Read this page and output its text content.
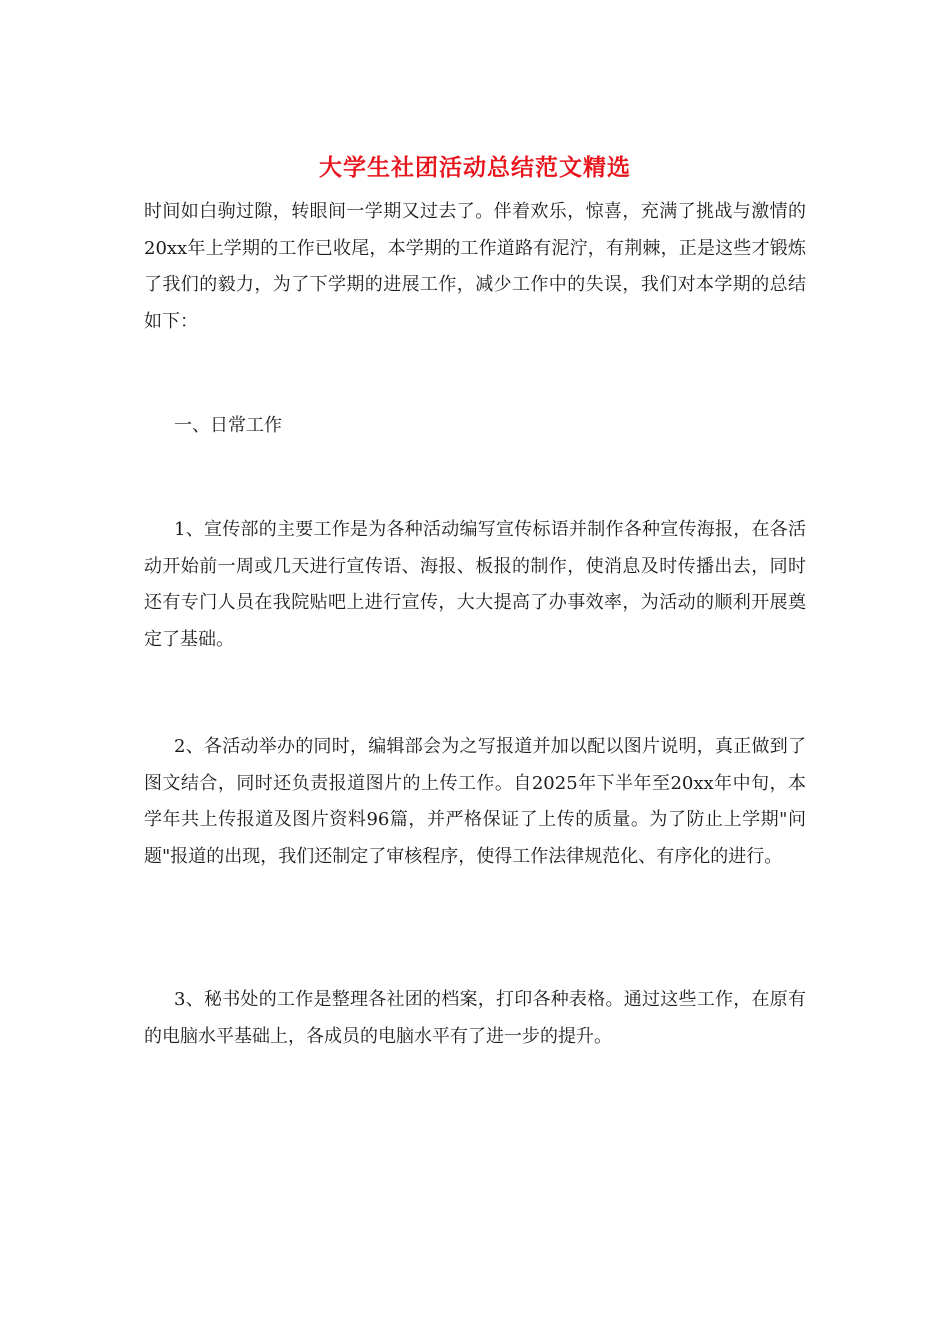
大学生社团活动总结范文精选

时间如白驹过隙，转眼间一学期又过去了。伴着欢乐，惊喜，充满了挑战与激情的20xx年上学期的工作已收尾，本学期的工作道路有泥泞，有荆棘，正是这些才锻炼了我们的毅力，为了下学期的进展工作，减少工作中的失误，我们对本学期的总结如下：

一、日常工作

1、宣传部的主要工作是为各种活动编写宣传标语并制作各种宣传海报，在各活动开始前一周或几天进行宣传语、海报、板报的制作，使消息及时传播出去，同时还有专门人员在我院贴吧上进行宣传，大大提高了办事效率，为活动的顺利开展奠定了基础。

2、各活动举办的同时，编辑部会为之写报道并加以配以图片说明，真正做到了图文结合，同时还负责报道图片的上传工作。自2025年下半年至20xx年中旬，本学年共上传报道及图片资料96篇，并严格保证了上传的质量。为了防止上学期"问题"报道的出现，我们还制定了审核程序，使得工作法律规范化、有序化的进行。

3、秘书处的工作是整理各社团的档案，打印各种表格。通过这些工作，在原有的电脑水平基础上，各成员的电脑水平有了进一步的提升。
